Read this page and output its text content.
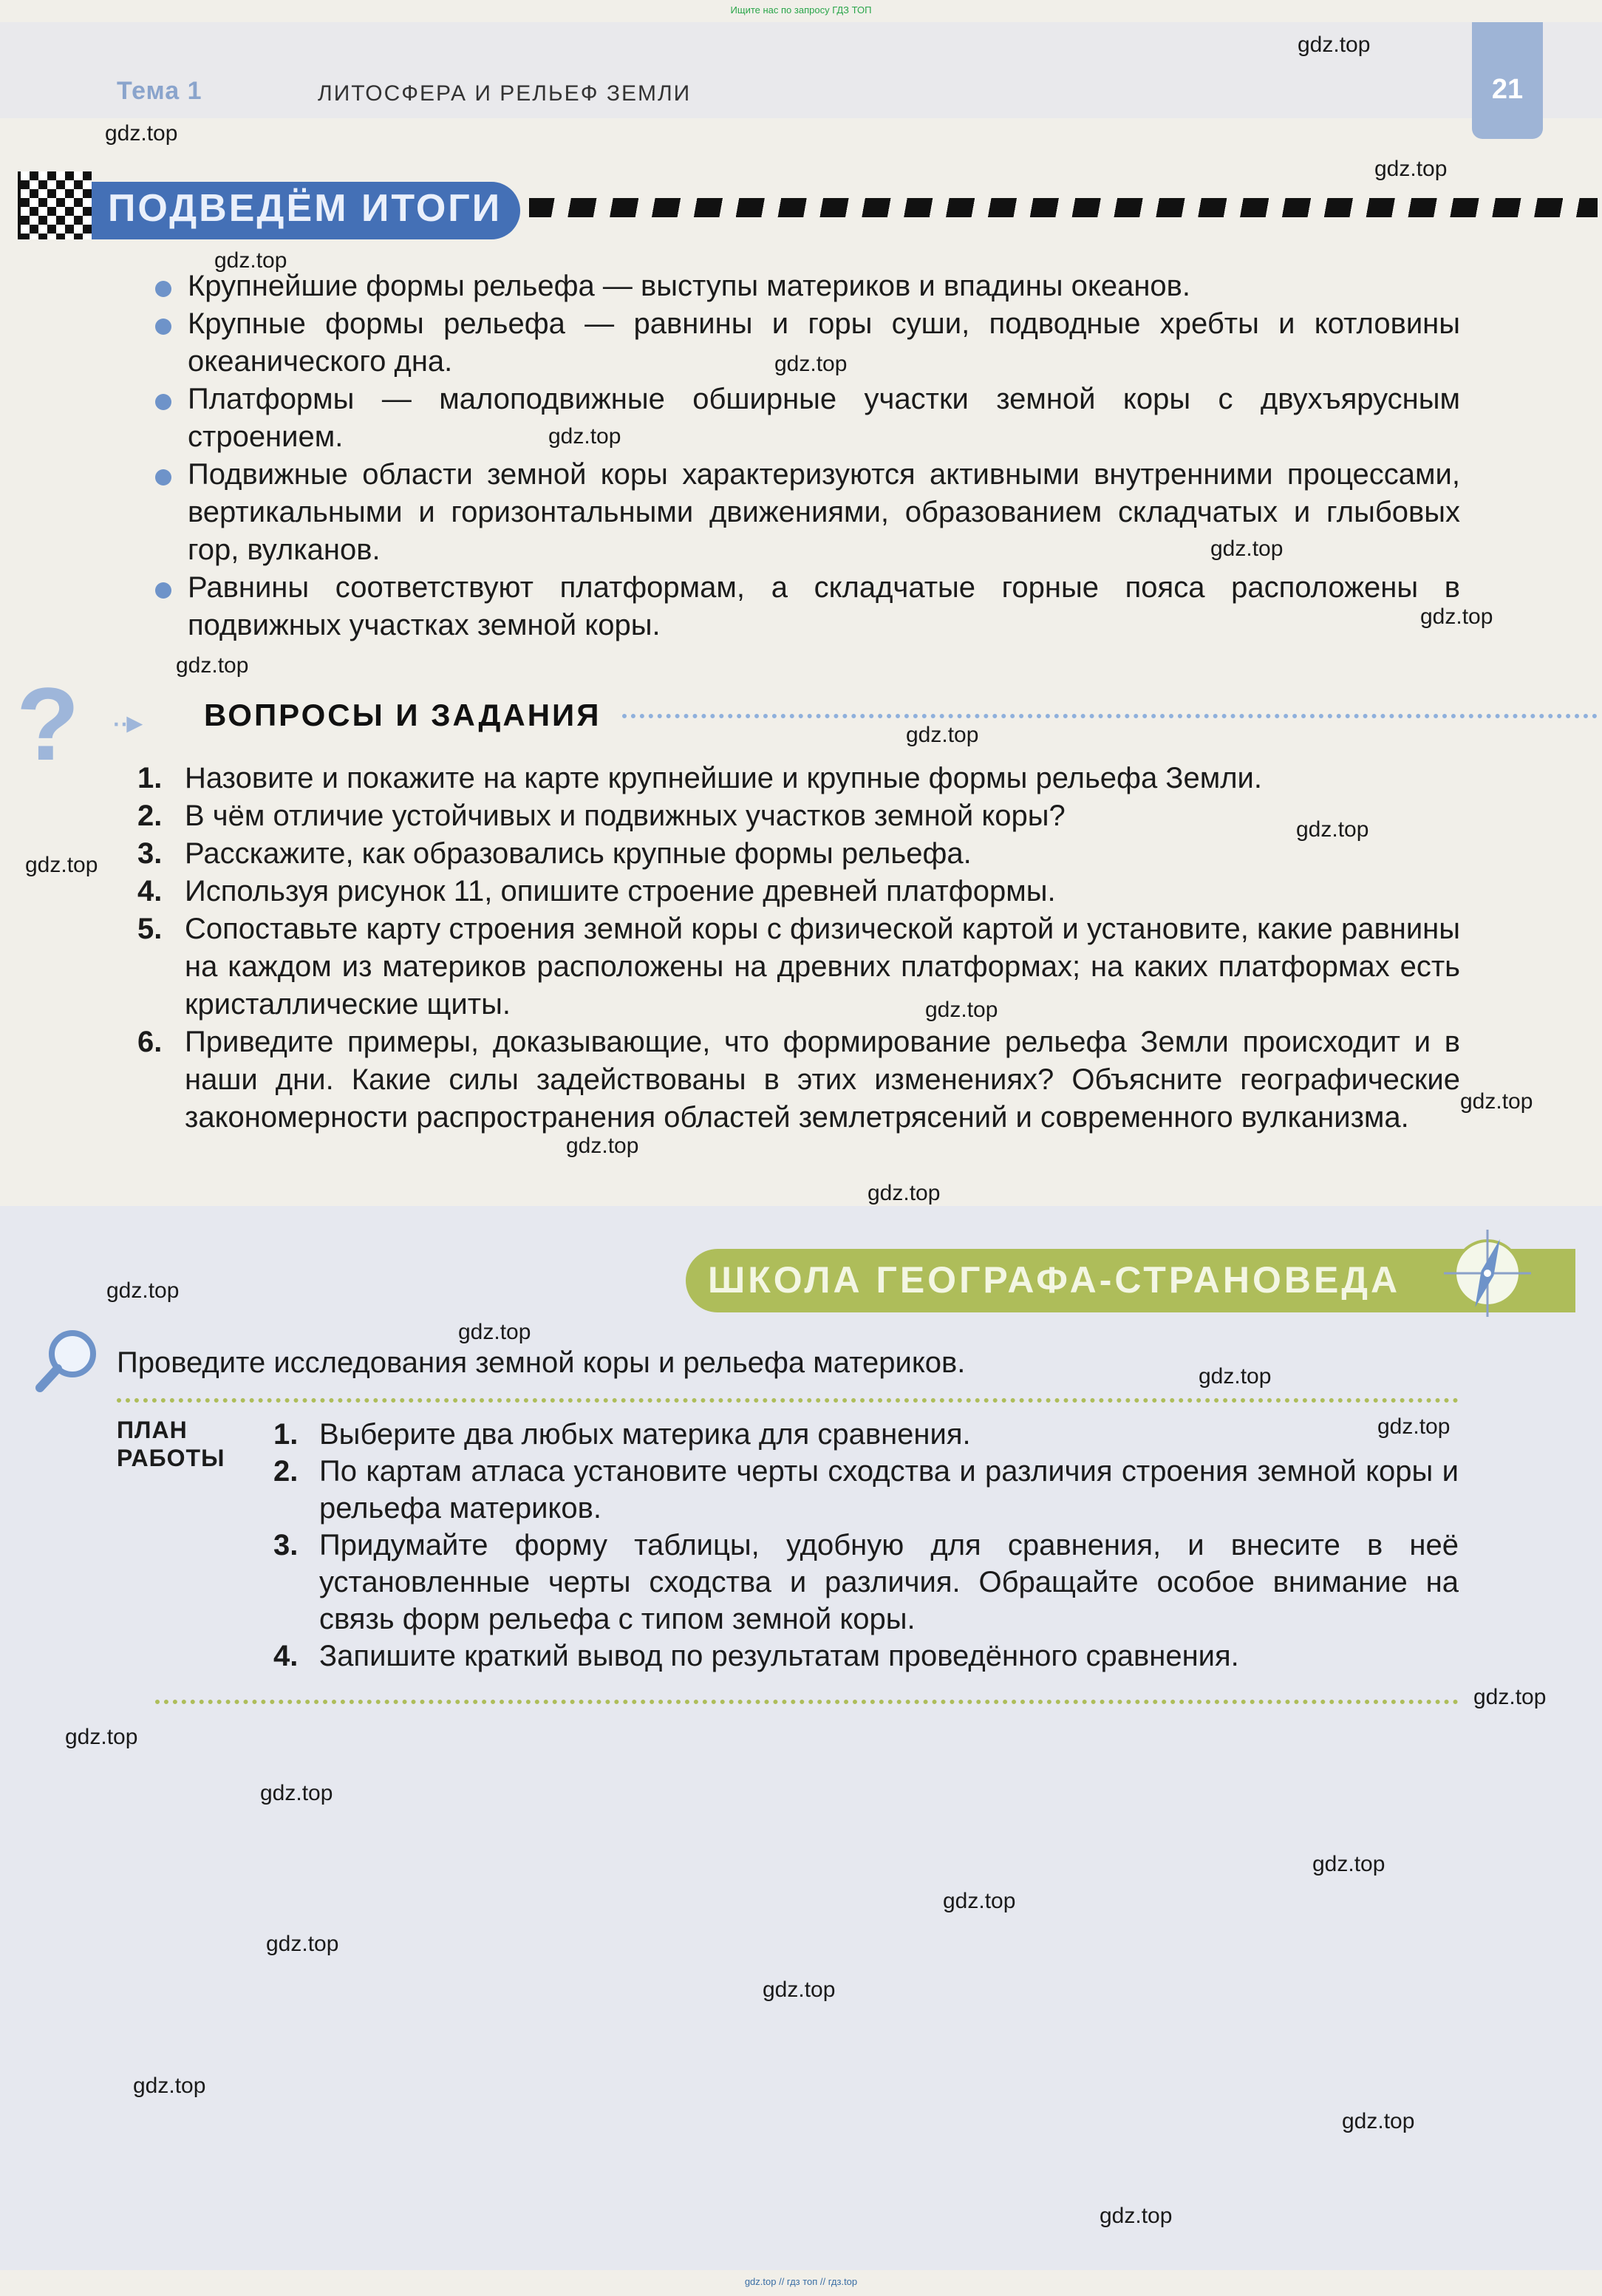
Ищите нас по запросу ГДЗ ТОП
Тема 1	ЛИТОСФЕРА И РЕЛЬЕФ ЗЕМЛИ	21
ПОДВЕДЁМ ИТОГИ
Крупнейшие формы рельефа — выступы материков и впадины океанов.
Крупные формы рельефа — равнины и горы суши, подводные хребты и котловины океанического дна.
Платформы — малоподвижные обширные участки земной коры с двухъярусным строением.
Подвижные области земной коры характеризуются активными внутренними процессами, вертикальными и горизонтальными движениями, образованием складчатых и глыбовых гор, вулканов.
Равнины соответствуют платформам, а складчатые горные пояса расположены в подвижных участках земной коры.
? ··▸ ВОПРОСЫ И ЗАДАНИЯ
1. Назовите и покажите на карте крупнейшие и крупные формы рельефа Земли.
2. В чём отличие устойчивых и подвижных участков земной коры?
3. Расскажите, как образовались крупные формы рельефа.
4. Используя рисунок 11, опишите строение древней платформы.
5. Сопоставьте карту строения земной коры с физической картой и установите, какие равнины на каждом из материков расположены на древних платформах; на каких платформах есть кристаллические щиты.
6. Приведите примеры, доказывающие, что формирование рельефа Земли происходит и в наши дни. Какие силы задействованы в этих изменениях? Объясните географические закономерности распространения областей землетрясений и современного вулканизма.
ШКОЛА ГЕОГРАФА-СТРАНОВЕДА
Проведите исследования земной коры и рельефа материков.
ПЛАН
РАБОТЫ
1. Выберите два любых материка для сравнения.
2. По картам атласа установите черты сходства и различия строения земной коры и рельефа материков.
3. Придумайте форму таблицы, удобную для сравнения, и внесите в неё установленные черты сходства и различия. Обращайте особое внимание на связь форм рельефа с типом земной коры.
4. Запишите краткий вывод по результатам проведённого сравнения.
gdz.top
gdz.top
gdz.top
gdz.top
gdz.top
gdz.top
gdz.top
gdz.top
gdz.top
gdz.top
gdz.top
gdz.top
gdz.top
gdz.top
gdz.top
gdz.top
gdz.top
gdz.top
gdz.top
gdz.top
gdz.top
gdz.top
gdz.top
gdz.top
gdz.top
gdz.top
gdz.top
gdz.top
gdz.top
gdz.top
gdz.top // гдз топ // гдз.top
